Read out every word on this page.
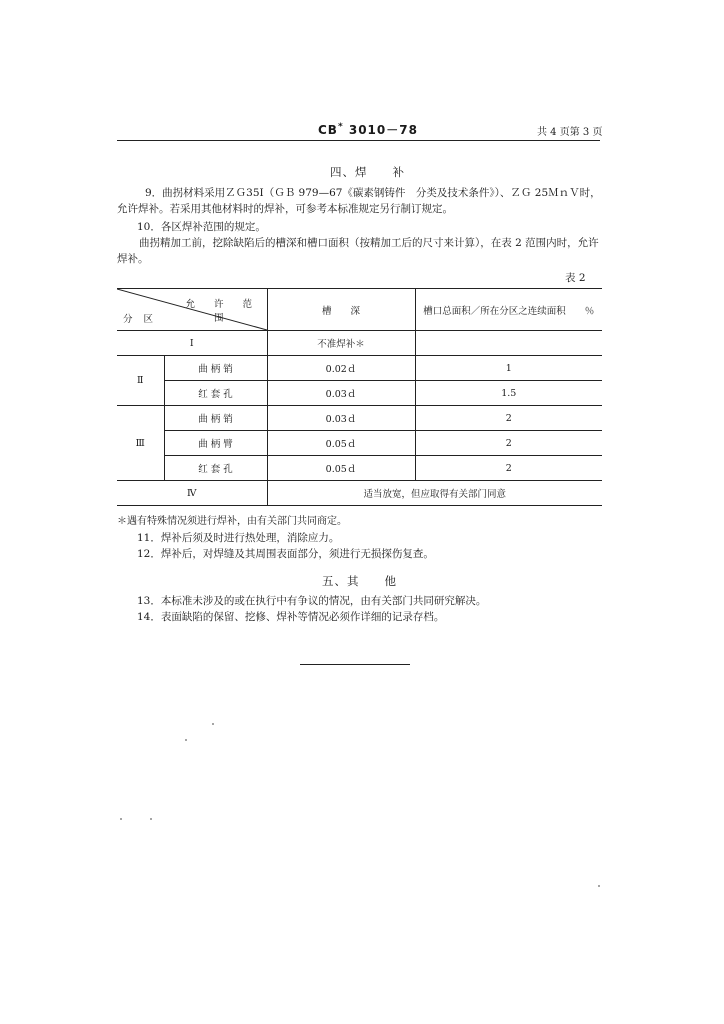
CB* 3010－78	共 4 页第 3 页
四、焊　　补
9．曲拐材料采用ＺＧ35Ⅰ（ＧＢ 979—67《碳素钢铸件　分类及技术条件》）、ＺＧ 25ＭｎＶ时，允许焊补。若采用其他材料时的焊补，可参考本标准规定另行制订规定。
10．各区焊补范围的规定。
曲拐精加工前，挖除缺陷后的槽深和槽口面积（按精加工后的尺寸来计算），在表 2 范围内时，允许焊补。
表 2
允 许 范 围
分 区		槽　　深	槽口总面积／所在分区之连续面积　　％
Ⅰ		不准焊补＊	
Ⅱ	曲 柄 销	0.02ｄ	1
	红 套 孔	0.03ｄ	1.5
Ⅲ	曲 柄 销	0.03ｄ	2
	曲 柄 臂	0.05ｄ	2
	红 套 孔	0.05ｄ	2
Ⅳ		适当放宽，但应取得有关部门同意	
＊遇有特殊情况须进行焊补，由有关部门共同商定。
11．焊补后须及时进行热处理，消除应力。
12．焊补后，对焊缝及其周围表面部分，须进行无损探伤复查。
五、其　　他
13．本标准未涉及的或在执行中有争议的情况，由有关部门共同研究解决。
14．表面缺陷的保留、挖修、焊补等情况必须作详细的记录存档。
